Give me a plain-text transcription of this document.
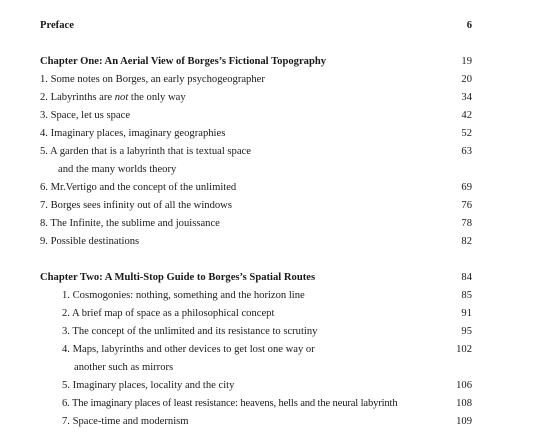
Preface	6
Chapter One: An Aerial View of Borges’s Fictional Topography	19
1. Some notes on Borges, an early psychogeographer	20
2. Labyrinths are not the only way	34
3. Space, let us space	42
4. Imaginary places, imaginary geographies	52
5. A garden that is a labyrinth that is textual space	63
and the many worlds theory
6. Mr.Vertigo and the concept of the unlimited	69
7. Borges sees infinity out of all the windows	76
8. The Infinite, the sublime and jouissance	78
9. Possible destinations	82
Chapter Two: A Multi-Stop Guide to Borges’s Spatial Routes	84
1. Cosmogonies: nothing, something and the horizon line	85
2. A brief map of space as a philosophical concept	91
3. The concept of the unlimited and its resistance to scrutiny	95
4. Maps, labyrinths and other devices to get lost one way or	102
another such as mirrors
5. Imaginary places, locality and the city	106
6. The imaginary places of least resistance: heavens, hells and the neural labyrinth	108
7. Space-time and modernism	109
